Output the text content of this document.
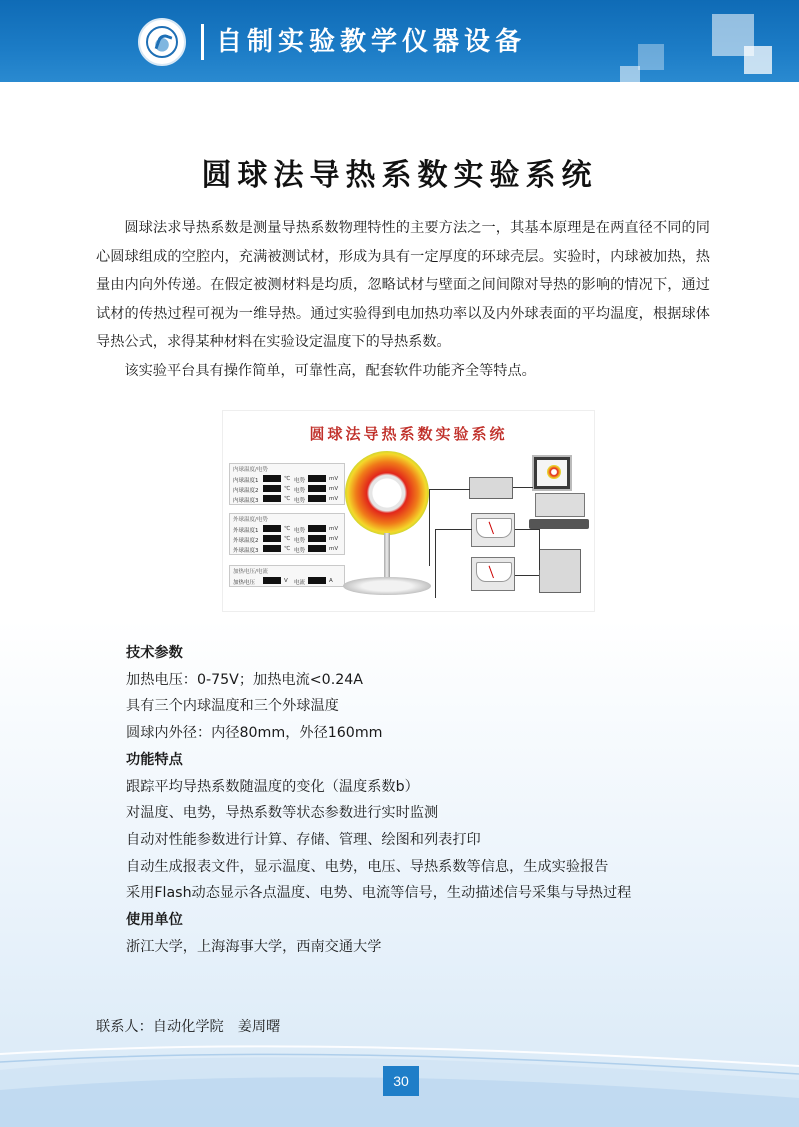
自制实验教学仪器设备
圆球法导热系数实验系统

圆球法求导热系数是测量导热系数物理特性的主要方法之一，其基本原理是在两直径不同的同心圆球组成的空腔内，充满被测试材，形成为具有一定厚度的环球壳层。实验时，内球被加热，热量由内向外传递。在假定被测材料是均质，忽略试材与壁面之间间隙对导热的影响的情况下，通过试材的传热过程可视为一维导热。通过实验得到电加热功率以及内外球表面的平均温度，根据球体导热公式，求得某种材料在实验设定温度下的导热系数。

该实验平台具有操作简单，可靠性高，配套软件功能齐全等特点。

圆球法导热系数实验系统
内球温度/电势
内球温度1	℃ 电势	mV
内球温度2	℃ 电势	mV
内球温度3	℃ 电势	mV
外球温度/电势
外球温度1	℃ 电势	mV
外球温度2	℃ 电势	mV
外球温度3	℃ 电势	mV
加热电压/电流
加热电压	V 电流	A
技术参数
加热电压：0-75V；加热电流<0.24A
具有三个内球温度和三个外球温度
圆球内外径：内径80mm，外径160mm
功能特点
跟踪平均导热系数随温度的变化（温度系数b）
对温度、电势，导热系数等状态参数进行实时监测
自动对性能参数进行计算、存储、管理、绘图和列表打印
自动生成报表文件，显示温度、电势，电压、导热系数等信息，生成实验报告
采用Flash动态显示各点温度、电势、电流等信号，生动描述信号采集与导热过程
使用单位
浙江大学，上海海事大学，西南交通大学
联系人：自动化学院 姜周曙
30
